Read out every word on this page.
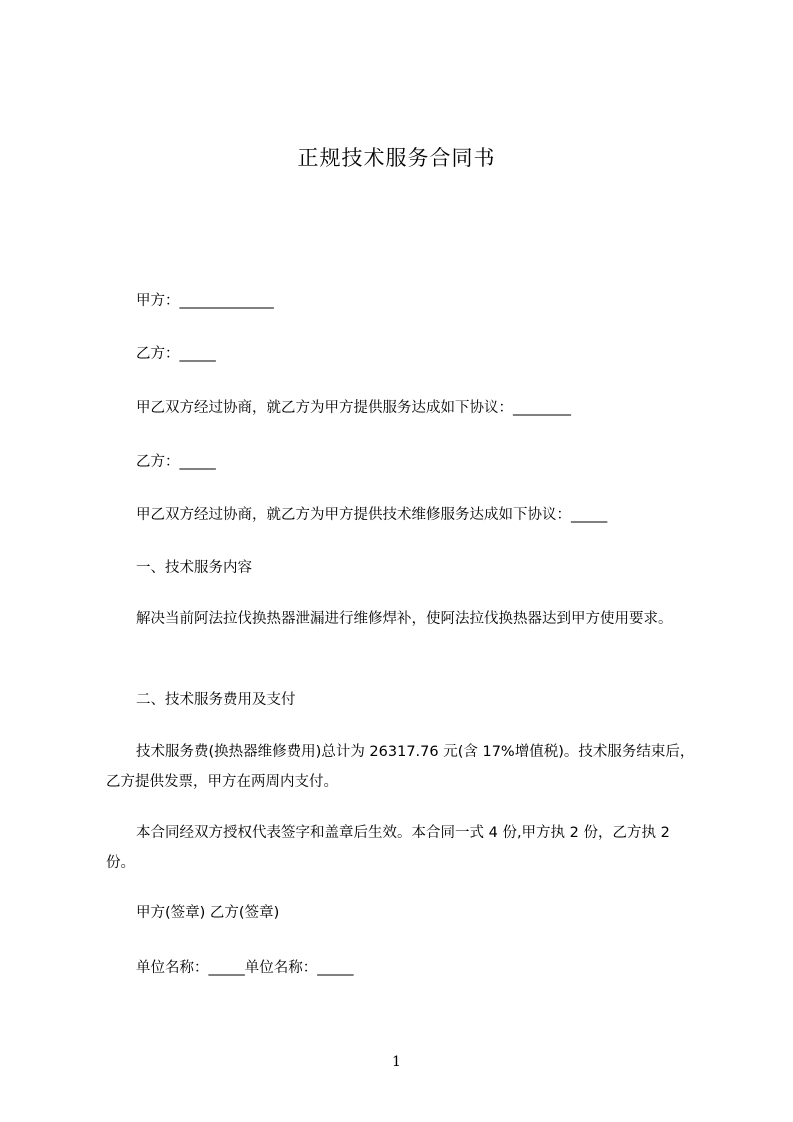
正规技术服务合同书

甲方：_____________

乙方：_____

甲乙双方经过协商，就乙方为甲方提供服务达成如下协议：________

乙方：_____

甲乙双方经过协商，就乙方为甲方提供技术维修服务达成如下协议：_____

一、技术服务内容

解决当前阿法拉伐换热器泄漏进行维修焊补，使阿法拉伐换热器达到甲方使用要求。

二、技术服务费用及支付

技术服务费(换热器维修费用)总计为 26317.76 元(含 17%增值税)。技术服务结束后，乙方提供发票，甲方在两周内支付。

本合同经双方授权代表签字和盖章后生效。本合同一式 4 份,甲方执 2 份，乙方执 2 份。

甲方(签章) 乙方(签章)

单位名称：_____单位名称：_____

1
